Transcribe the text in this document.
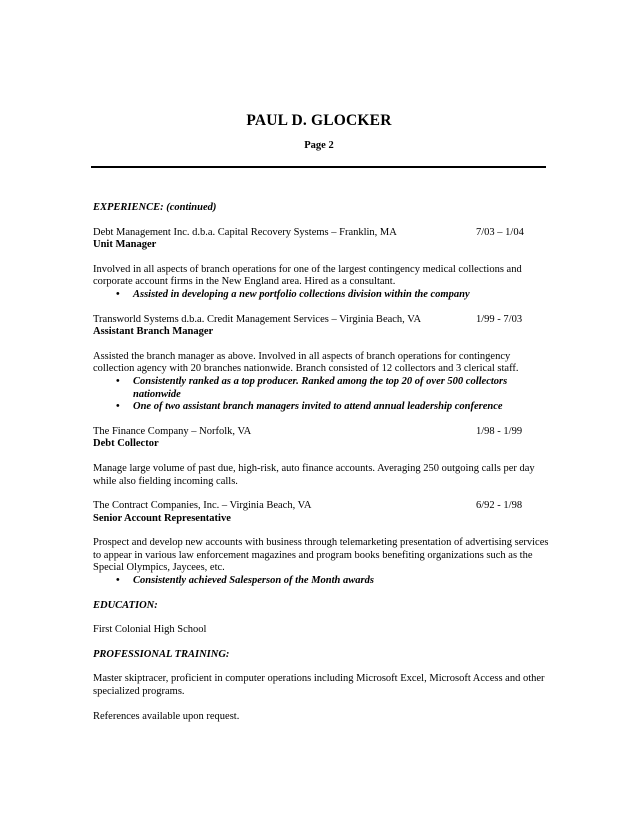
PAUL D. GLOCKER
Page 2

EXPERIENCE: (continued)

Debt Management Inc. d.b.a. Capital Recovery Systems – Franklin, MA	7/03 – 1/04

Unit Manager

Involved in all aspects of branch operations for one of the largest contingency medical collections and corporate account firms in the New England area. Hired as a consultant.

• Assisted in developing a new portfolio collections division within the company
Transworld Systems d.b.a. Credit Management Services – Virginia Beach, VA	1/99 - 7/03

Assistant Branch Manager

Assisted the branch manager as above. Involved in all aspects of branch operations for contingency collection agency with 20 branches nationwide. Branch consisted of 12 collectors and 3 clerical staff.

• Consistently ranked as a top producer. Ranked among the top 20 of over 500 collectors nationwide
• One of two assistant branch managers invited to attend annual leadership conference
The Finance Company – Norfolk, VA	1/98 - 1/99

Debt Collector

Manage large volume of past due, high-risk, auto finance accounts. Averaging 250 outgoing calls per day while also fielding incoming calls.

The Contract Companies, Inc. – Virginia Beach, VA	6/92 - 1/98

Senior Account Representative

Prospect and develop new accounts with business through telemarketing presentation of advertising services to appear in various law enforcement magazines and program books benefiting organizations such as the Special Olympics, Jaycees, etc.

• Consistently achieved Salesperson of the Month awards

EDUCATION:

First Colonial High School

PROFESSIONAL TRAINING:

Master skiptracer, proficient in computer operations including Microsoft Excel, Microsoft Access and other specialized programs.

References available upon request.
